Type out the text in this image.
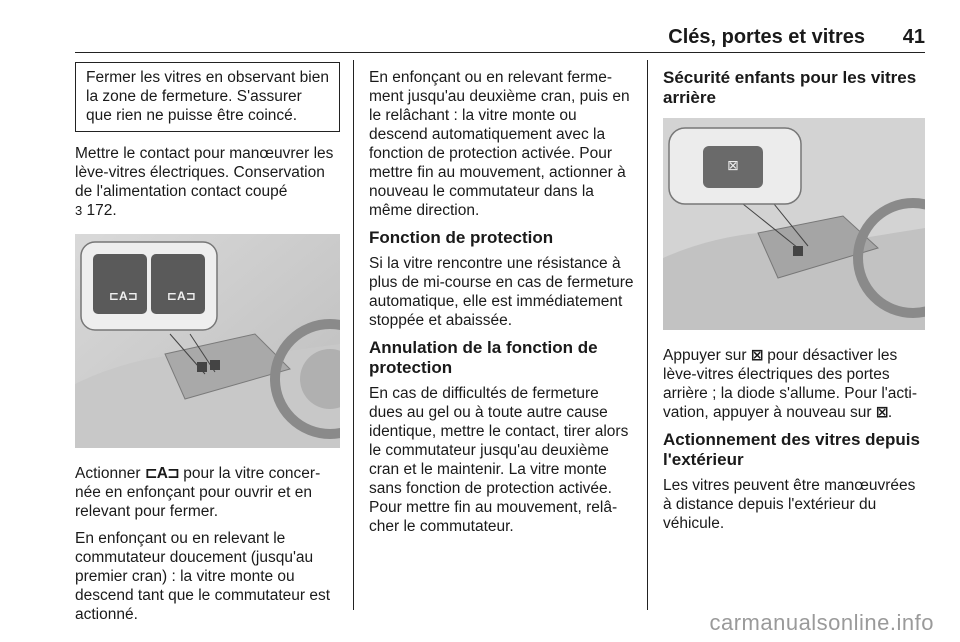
Clés, portes et vitres 41
Fermer les vitres en observant bien la zone de fermeture. S'assurer que rien ne puisse être coincé.

Mettre le contact pour manœuvrer les lève-vitres électriques. Conservation de l'alimentation contact coupé
3 172.

⊏A⊐ ⊏A⊐

Actionner ⊏A⊐ pour la vitre concernée en enfonçant pour ouvrir et en relevant pour fermer.

En enfonçant ou en relevant le commutateur doucement (jusqu'au premier cran) : la vitre monte ou descend tant que le commutateur est actionné.

En enfonçant ou en relevant fermement jusqu'au deuxième cran, puis en le relâchant : la vitre monte ou descend automatiquement avec la fonction de protection activée. Pour mettre fin au mouvement, actionner à nouveau le commutateur dans la même direction.

Fonction de protection

Si la vitre rencontre une résistance à plus de mi-course en cas de fermeture automatique, elle est immédiatement stoppée et abaissée.

Annulation de la fonction de protection

En cas de difficultés de fermeture dues au gel ou à toute autre cause identique, mettre le contact, tirer alors le commutateur jusqu'au deuxième cran et le maintenir. La vitre monte sans fonction de protection activée. Pour mettre fin au mouvement, relâcher le commutateur.

Sécurité enfants pour les vitres arrière
⊠

Appuyer sur ⊠ pour désactiver les lève-vitres électriques des portes arrière ; la diode s'allume. Pour l'activation, appuyer à nouveau sur ⊠.

Actionnement des vitres depuis l'extérieur

Les vitres peuvent être manœuvrées à distance depuis l'extérieur du véhicule.

carmanualsonline.info
